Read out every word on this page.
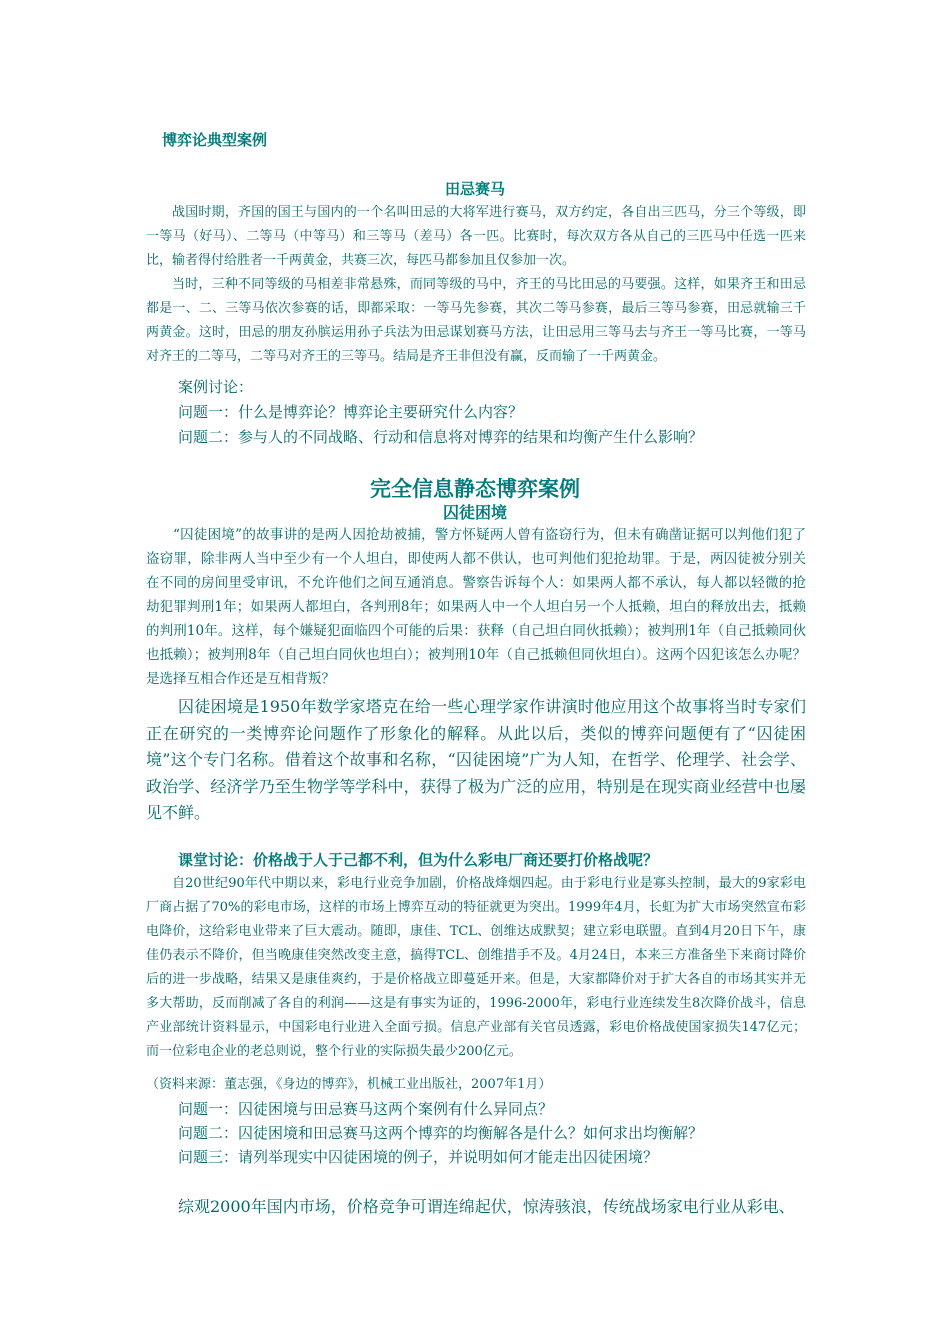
博弈论典型案例
田忌赛马

战国时期，齐国的国王与国内的一个名叫田忌的大将军进行赛马，双方约定，各自出三匹马，分三个等级，即一等马（好马）、二等马（中等马）和三等马（差马）各一匹。比赛时，每次双方各从自己的三匹马中任选一匹来比，输者得付给胜者一千两黄金，共赛三次，每匹马都参加且仅参加一次。

当时，三种不同等级的马相差非常悬殊，而同等级的马中，齐王的马比田忌的马要强。这样，如果齐王和田忌都是一、二、三等马依次参赛的话，即都采取：一等马先参赛，其次二等马参赛，最后三等马参赛，田忌就输三千两黄金。这时，田忌的朋友孙膑运用孙子兵法为田忌谋划赛马方法，让田忌用三等马去与齐王一等马比赛，一等马对齐王的二等马，二等马对齐王的三等马。结局是齐王非但没有赢，反而输了一千两黄金。

案例讨论：

问题一：什么是博弈论？博弈论主要研究什么内容？

问题二：参与人的不同战略、行动和信息将对博弈的结果和均衡产生什么影响？

完全信息静态博弈案例
囚徒困境

“囚徒困境”的故事讲的是两人因抢劫被捕，警方怀疑两人曾有盗窃行为，但未有确凿证据可以判他们犯了盗窃罪，除非两人当中至少有一个人坦白，即使两人都不供认，也可判他们犯抢劫罪。于是，两囚徒被分别关在不同的房间里受审讯，不允许他们之间互通消息。警察告诉每个人：如果两人都不承认，每人都以轻微的抢劫犯罪判刑1年；如果两人都坦白，各判刑8年；如果两人中一个人坦白另一个人抵赖，坦白的释放出去，抵赖的判刑10年。这样，每个嫌疑犯面临四个可能的后果：获释（自己坦白同伙抵赖）；被判刑1年（自己抵赖同伙也抵赖）；被判刑8年（自己坦白同伙也坦白）；被判刑10年（自己抵赖但同伙坦白）。这两个囚犯该怎么办呢？是选择互相合作还是互相背叛？

囚徒困境是1950年数学家塔克在给一些心理学家作讲演时他应用这个故事将当时专家们正在研究的一类博弈论问题作了形象化的解释。从此以后，类似的博弈问题便有了“囚徒困境”这个专门名称。借着这个故事和名称，“囚徒困境”广为人知，在哲学、伦理学、社会学、政治学、经济学乃至生物学等学科中，获得了极为广泛的应用，特别是在现实商业经营中也屡见不鲜。

课堂讨论：价格战于人于己都不利，但为什么彩电厂商还要打价格战呢？

自20世纪90年代中期以来，彩电行业竞争加剧，价格战烽烟四起。由于彩电行业是寡头控制，最大的9家彩电厂商占据了70%的彩电市场，这样的市场上博弈互动的特征就更为突出。1999年4月，长虹为扩大市场突然宣布彩电降价，这给彩电业带来了巨大震动。随即，康佳、TCL、创维达成默契；建立彩电联盟。直到4月20日下午，康佳仍表示不降价，但当晚康佳突然改变主意，搞得TCL、创维措手不及。4月24日，本来三方准备坐下来商讨降价后的进一步战略，结果又是康佳爽约，于是价格战立即蔓延开来。但是，大家都降价对于扩大各自的市场其实并无多大帮助，反而削减了各自的利润——这是有事实为证的，1996-2000年，彩电行业连续发生8次降价战斗，信息产业部统计资料显示，中国彩电行业进入全面亏损。信息产业部有关官员透露，彩电价格战使国家损失147亿元；而一位彩电企业的老总则说，整个行业的实际损失最少200亿元。

（资料来源：董志强，《身边的博弈》，机械工业出版社，2007年1月）

问题一：囚徒困境与田忌赛马这两个案例有什么异同点？

问题二：囚徒困境和田忌赛马这两个博弈的均衡解各是什么？如何求出均衡解？

问题三：请列举现实中囚徒困境的例子，并说明如何才能走出囚徒困境？

综观2000年国内市场，价格竞争可谓连绵起伏，惊涛骇浪，传统战场家电行业从彩电、
